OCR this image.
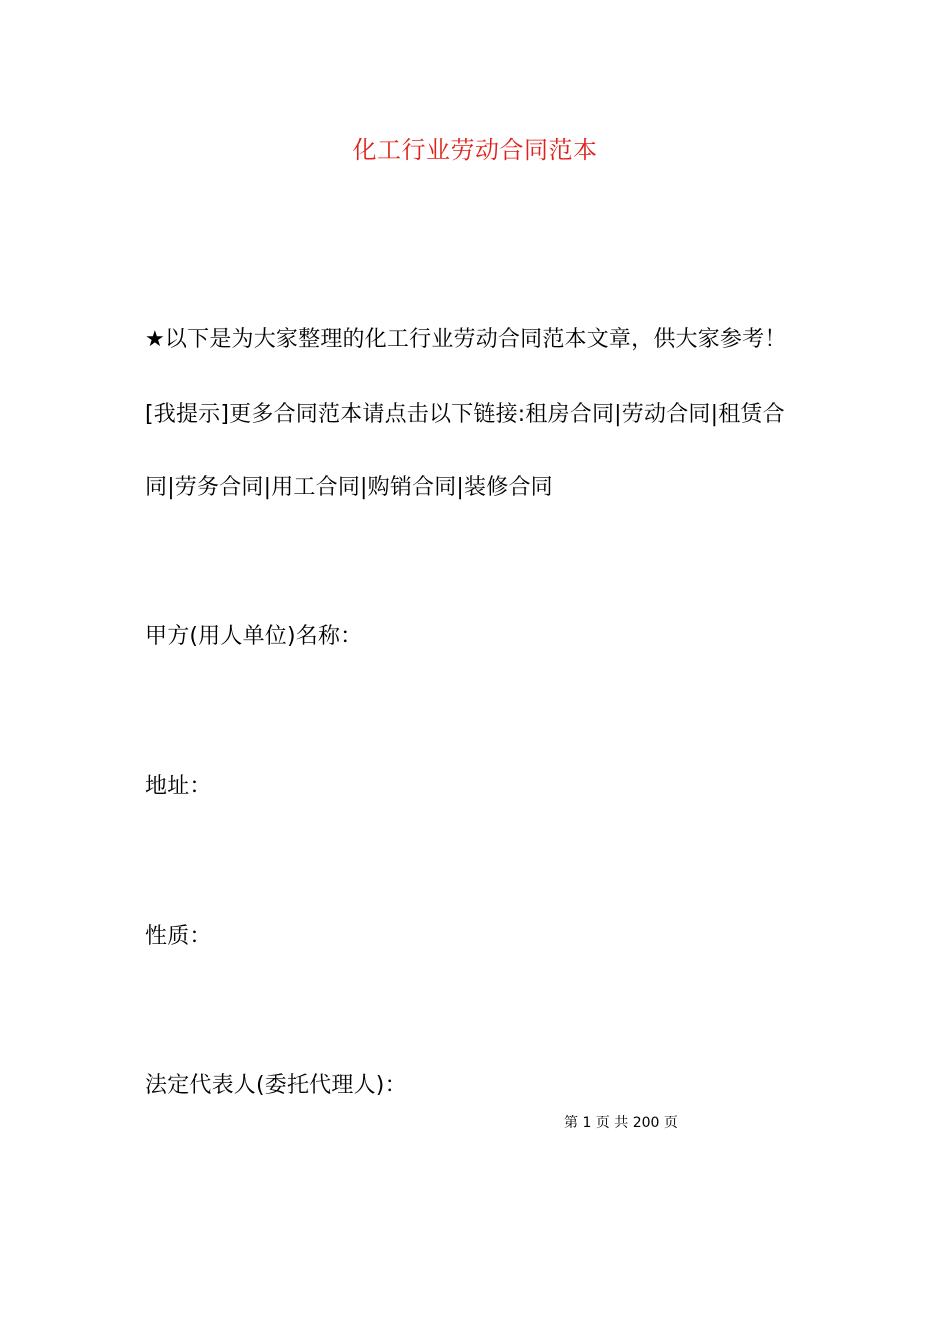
化工行业劳动合同范本
★以下是为大家整理的化工行业劳动合同范本文章，供大家参考！
[我提示]更多合同范本请点击以下链接:租房合同|劳动合同|租赁合
同|劳务合同|用工合同|购销合同|装修合同
甲方(用人单位)名称：
地址：
性质：
法定代表人(委托代理人)：
第 1 页 共 200 页
